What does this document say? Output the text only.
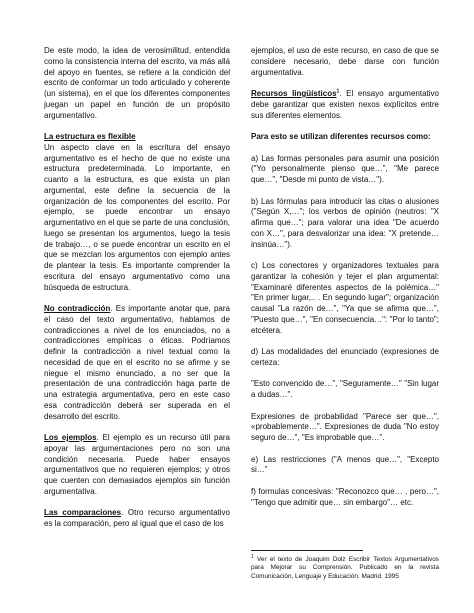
De este modo, la idea de verosimilitud, entendida como la consistencia interna del escrito, va más allá del apoyo en fuentes, se refiere a la condición del escrito de conformar un todo articulado y coherente (un sistema), en el que los diferentes componentes juegan un papel en función de un propósito argumentativo.

La estructura es flexible

Un aspecto clave en la escritura del ensayo argumentativo es el hecho de que no existe una estructura predeterminada. Lo importante, en cuanto a la estructura, es que exista un plan argumental, este define la secuencia de la organización de los componentes del escrito. Por ejemplo, se puede encontrar un ensayo argumentativo en el que se parte de una conclusión, luego se presentan los argumentos, luego la tesis de trabajo…, o se puede encontrar un escrito en el que se mezclan los argumentos con ejemplo antes de plantear la tesis. Es importante comprender la escritura del ensayo argumentativo como una búsqueda de estructura.

No contradicción. Es importante anotar que, para el caso del texto argumentativo, hablamos de contradicciones a nivel de los enunciados, no a contradicciones empíricas o éticas. Podríamos definir la contradicción a nivel textual como la necesidad de que en el escrito no se afirme y se niegue el mismo enunciado, a no ser que la presentación de una contradicción haga parte de una estrategia argumentativa, pero en este caso esa contradicción deberá ser superada en el desarrollo del escrito.

Los ejemplos. El ejemplo es un recurso útil para apoyar las argumentaciones pero no son una condición necesaria. Puede haber ensayos argumentativos que no requieren ejemplos; y otros que cuenten con demasiados ejemplos sin función argumentativa.

Las comparaciones. Otro recurso argumentativo es la comparación, pero al igual que el caso de los

ejemplos, el uso de este recurso, en caso de que se considere necesario, debe darse con función argumentativa.

Recursos lingüísticos$^1$. El ensayo argumentativo debe garantizar que existen nexos explícitos entre sus diferentes elementos.

Para esto se utilizan diferentes recursos como:

a) Las formas personales para asumir una posición ("Yo personalmente pienso que…", "Me parece que…", "Desde mi punto de vista…").

b) Las fórmulas para introducir las citas o alusiones ("Según X,…"; los verbos de opinión (neutros: "X afirma que…"; para valorar una idea "De acuerdo con X…", para desvalorizar una idea: "X pretende… insinúa…").

c) Los conectores y organizadores textuales para garantizar la cohesión y tejer el plan argumental: "Examinaré diferentes aspectos de la polémica…" "En primer lugar,.. . En segundo lugar"; organización causal "La razón de…", "Ya que se afirma que…", "Puesto que…", "En consecuencia…": "Por lo tanto"; etcétera.

d) Las modalidades del enunciado (expresiones de certeza:

"Esto convencido de…", "Seguramente…" "Sin lugar a dudas…".

Expresiones de probabilidad "Parece ser que…", «probablemente…". Expresiones de duda "No estoy seguro de…", "Es improbable que…".

e) Las restricciones ("A menos que…", "Excepto si…"

f) formulas concesivas: "Reconozco que… , pero…", "Tengo que admitir que… sin embargo"… etc.

$^1$ Ver el texto de Joaquim Dolz Escribir Textos Argumentativos para Mejorar su Comprensión. Publicado en la revista Comunicación, Lenguaje y Educación. Madrid. 1995
